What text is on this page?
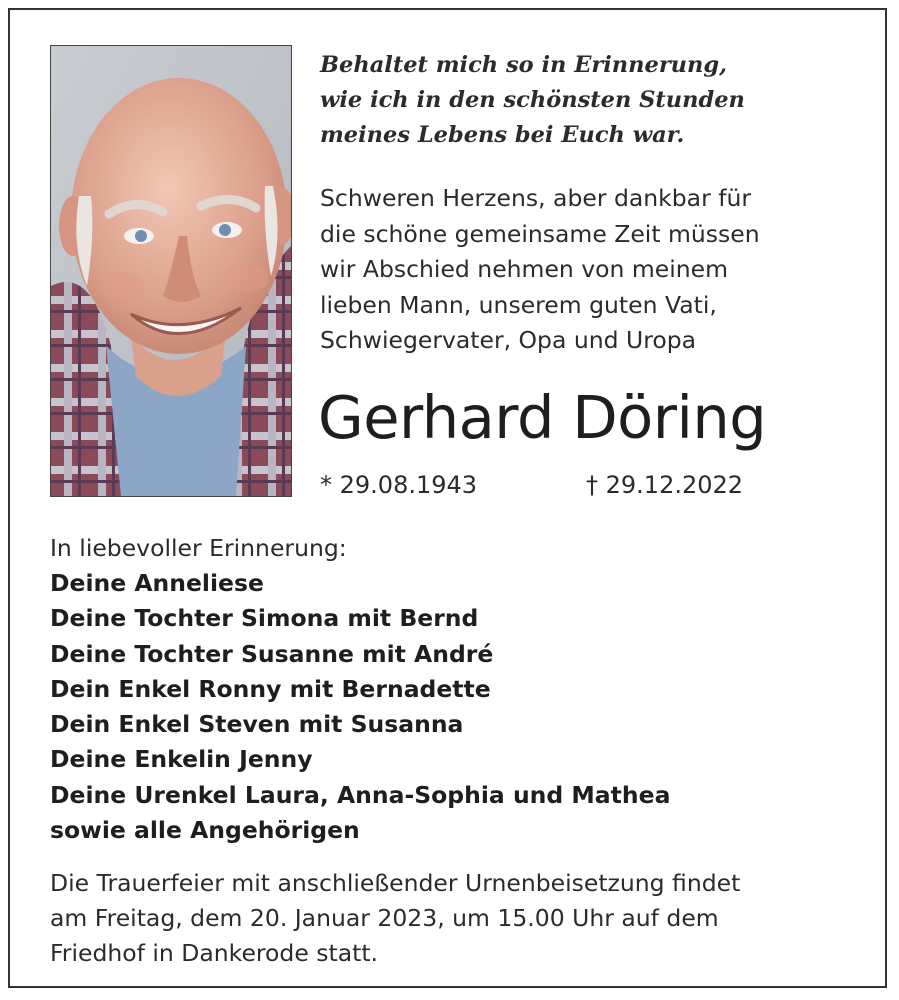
Behaltet mich so in Erinnerung,
wie ich in den schönsten Stunden
meines Lebens bei Euch war.
Schweren Herzens, aber dankbar für
die schöne gemeinsame Zeit müssen
wir Abschied nehmen von meinem
lieben Mann, unserem guten Vati,
Schwiegervater, Opa und Uropa
Gerhard Döring
* 29.08.1943	† 29.12.2022
In liebevoller Erinnerung:
Deine Anneliese
Deine Tochter Simona mit Bernd
Deine Tochter Susanne mit André
Dein Enkel Ronny mit Bernadette
Dein Enkel Steven mit Susanna
Deine Enkelin Jenny
Deine Urenkel Laura, Anna-Sophia und Mathea
sowie alle Angehörigen
Die Trauerfeier mit anschließender Urnenbeisetzung findet
am Freitag, dem 20. Januar 2023, um 15.00 Uhr auf dem
Friedhof in Dankerode statt.
